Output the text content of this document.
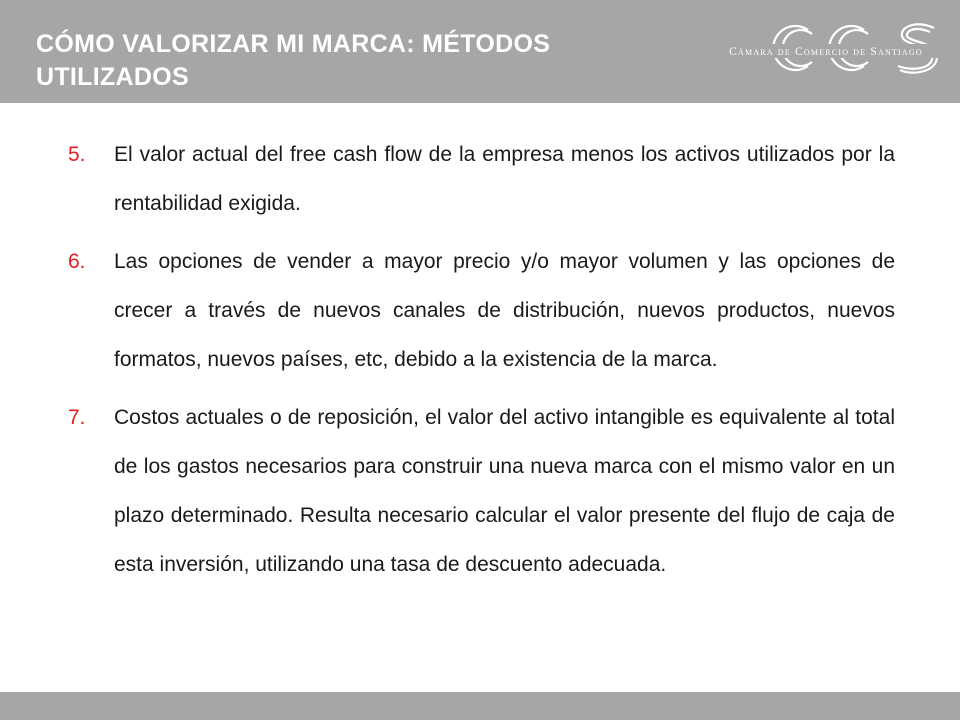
CÓMO VALORIZAR MI MARCA: MÉTODOS UTILIZADOS
Cámara de Comercio de Santiago
5.	El valor actual del free cash flow de la empresa menos los activos utilizados por la rentabilidad exigida.
6.	Las opciones de vender a mayor precio y/o mayor volumen y las opciones de crecer a través de nuevos canales de distribución, nuevos productos, nuevos formatos, nuevos países, etc, debido a la existencia de la marca.
7.	Costos actuales o de reposición, el valor del activo intangible es equivalente al total de los gastos necesarios para construir una nueva marca con el mismo valor en un plazo determinado. Resulta necesario calcular el valor presente del flujo de caja de esta inversión, utilizando una tasa de descuento adecuada.
